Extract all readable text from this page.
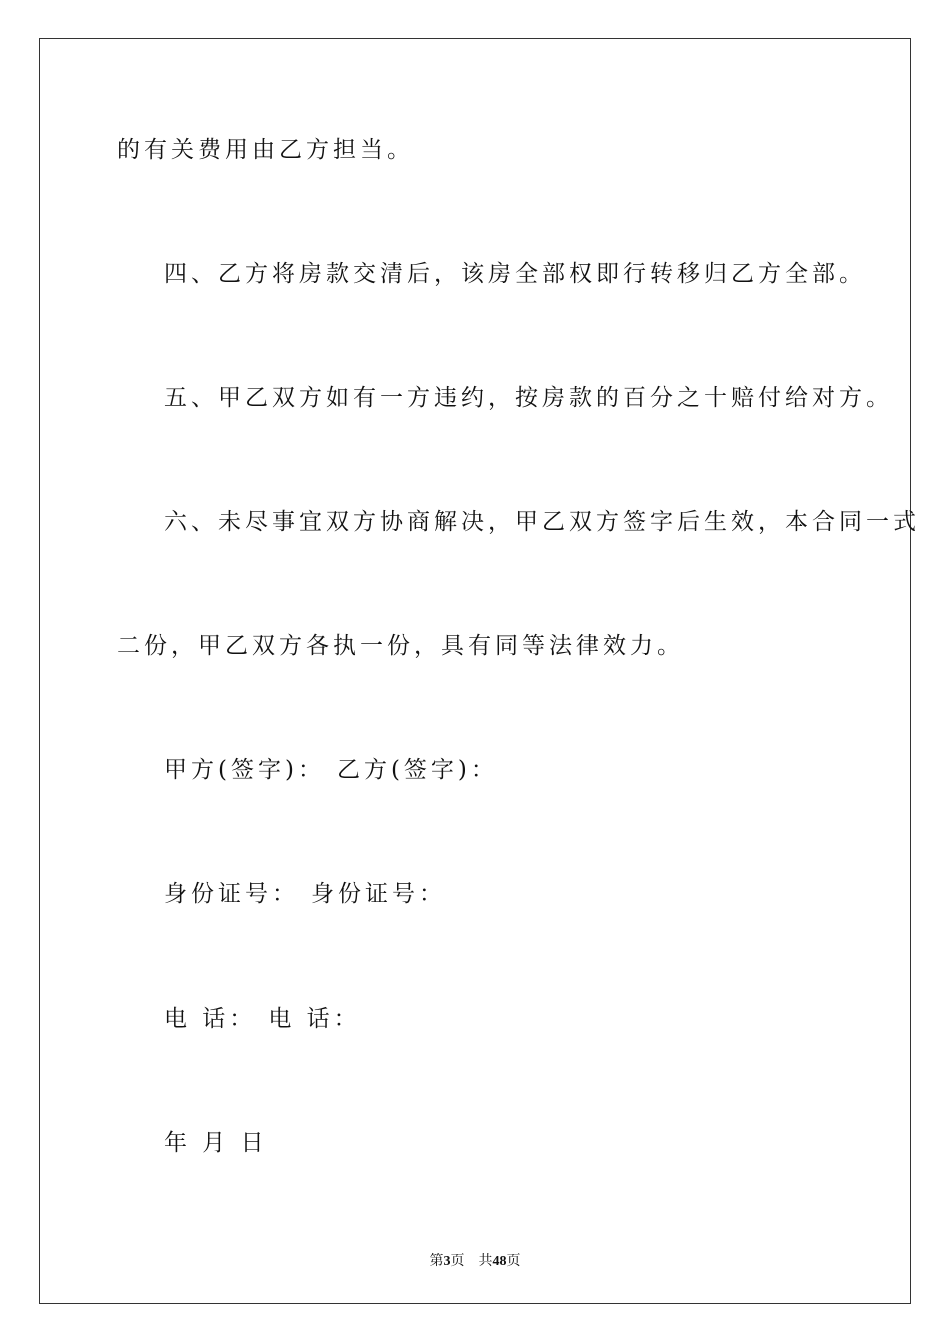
的有关费用由乙方担当。
四、乙方将房款交清后，该房全部权即行转移归乙方全部。
五、甲乙双方如有一方违约，按房款的百分之十赔付给对方。
六、未尽事宜双方协商解决，甲乙双方签字后生效，本合同一式
二份，甲乙双方各执一份，具有同等法律效力。
甲方(签字)： 乙方(签字)：
身份证号： 身份证号：
电 话： 电 话：
年 月 日
第3页 共48页
